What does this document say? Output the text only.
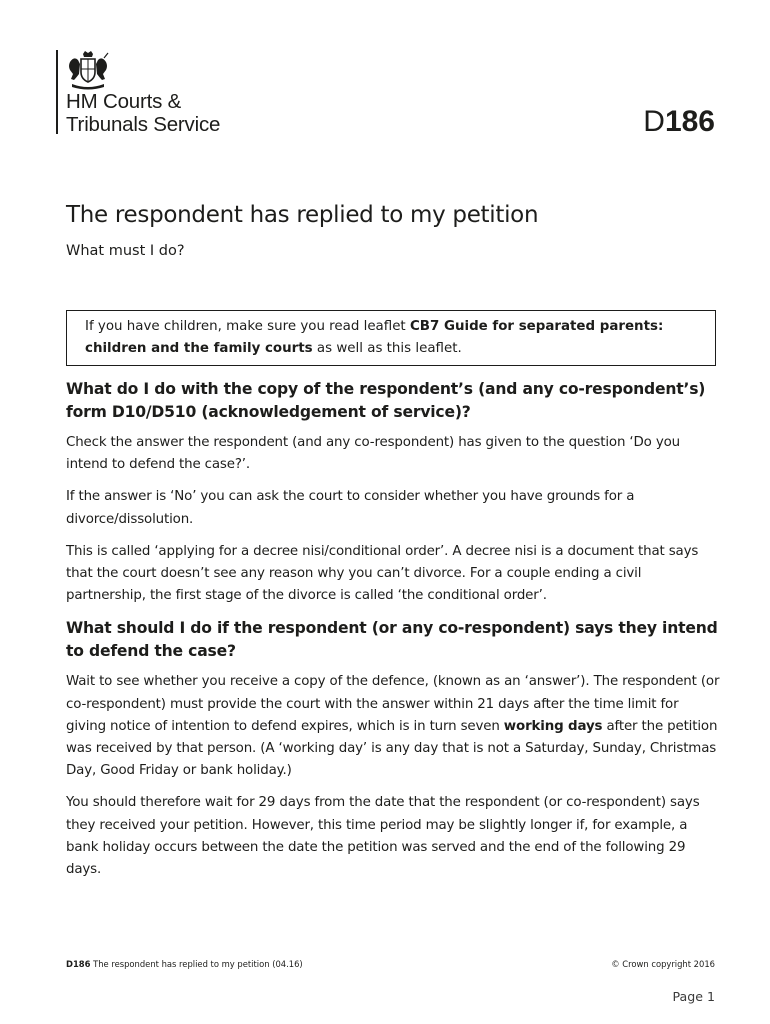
HM Courts &
Tribunals Service	D186
The respondent has replied to my petition
What must I do?
If you have children, make sure you read leaflet CB7 Guide for separated parents: children and the family courts as well as this leaflet.
What do I do with the copy of the respondent’s (and any co-respondent’s) form D10/D510 (acknowledgement of service)?

Check the answer the respondent (and any co-respondent) has given to the question ‘Do you intend to defend the case?’.

If the answer is ‘No’ you can ask the court to consider whether you have grounds for a divorce/dissolution.

This is called ‘applying for a decree nisi/conditional order’. A decree nisi is a document that says that the court doesn’t see any reason why you can’t divorce. For a couple ending a civil partnership, the first stage of the divorce is called ‘the conditional order’.

What should I do if the respondent (or any co-respondent) says they intend to defend the case?

Wait to see whether you receive a copy of the defence, (known as an ‘answer’). The respondent (or co-respondent) must provide the court with the answer within 21 days after the time limit for giving notice of intention to defend expires, which is in turn seven working days after the petition was received by that person. (A ‘working day’ is any day that is not a Saturday, Sunday, Christmas Day, Good Friday or bank holiday.)

You should therefore wait for 29 days from the date that the respondent (or co-respondent) says they received your petition. However, this time period may be slightly longer if, for example, a bank holiday occurs between the date the petition was served and the end of the following 29 days.

D186 The respondent has replied to my petition (04.16)	© Crown copyright 2016
Page 1
